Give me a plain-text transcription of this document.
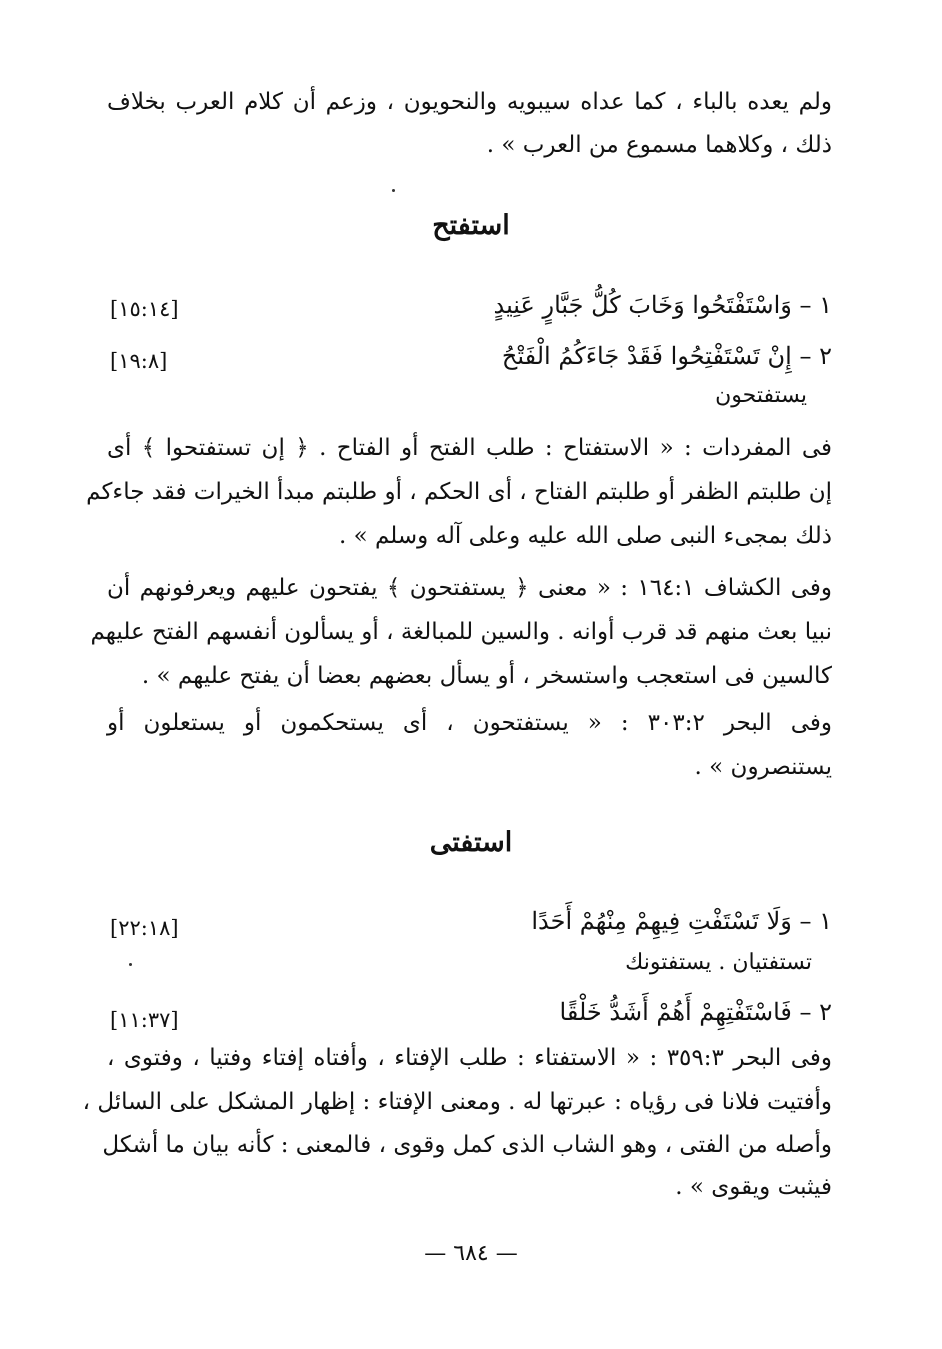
ولم يعده بالباء ، كما عداه سيبويه والنحويون ، وزعم أن كلام العرب بخلاف
ذلك ، وكلاهما مسموع من العرب » .
استفتح
١ – وَاسْتَفْتَحُوا وَخَابَ كُلُّ جَبَّارٍ عَنِيدٍ
[١٥:١٤]
٢ – إِنْ تَسْتَفْتِحُوا فَقَدْ جَاءَكُمُ الْفَتْحُ
[١٩:٨]
يستفتحون
فى المفردات : « الاستفتاح : طلب الفتح أو الفتاح . ﴿ إن تستفتحوا ﴾ أى
إن طلبتم الظفر أو طلبتم الفتاح ، أى الحكم ، أو طلبتم مبدأ الخيرات فقد جاءكم
ذلك بمجىء النبى صلى الله عليه وعلى آله وسلم » .
وفى الكشاف ١٦٤:١ : « معنى ﴿ يستفتحون ﴾ يفتحون عليهم ويعرفونهم أن
نبيا بعث منهم قد قرب أوانه . والسين للمبالغة ، أو يسألون أنفسهم الفتح عليهم
كالسين فى استعجب واستسخر ، أو يسأل بعضهم بعضا أن يفتح عليهم » .
وفى البحر ٣٠٣:٢ : « يستفتحون ، أى يستحكمون أو يستعلون أو
يستنصرون » .
استفتى
١ – وَلَا تَسْتَفْتِ فِيهِمْ مِنْهُمْ أَحَدًا
[٢٢:١٨]
تستفتيان . يستفتونك
٢ – فَاسْتَفْتِهِمْ أَهُمْ أَشَدُّ خَلْقًا
[١١:٣٧]
وفى البحر ٣٥٩:٣ : « الاستفتاء : طلب الإفتاء ، وأفتاه إفتاء وفتيا ، وفتوى ،
وأفتيت فلانا فى رؤياه : عبرتها له . ومعنى الإفتاء : إظهار المشكل على السائل ،
وأصله من الفتى ، وهو الشاب الذى كمل وقوى ، فالمعنى : كأنه بيان ما أشكل
فيثبت ويقوى » .
— ٦٨٤ —
